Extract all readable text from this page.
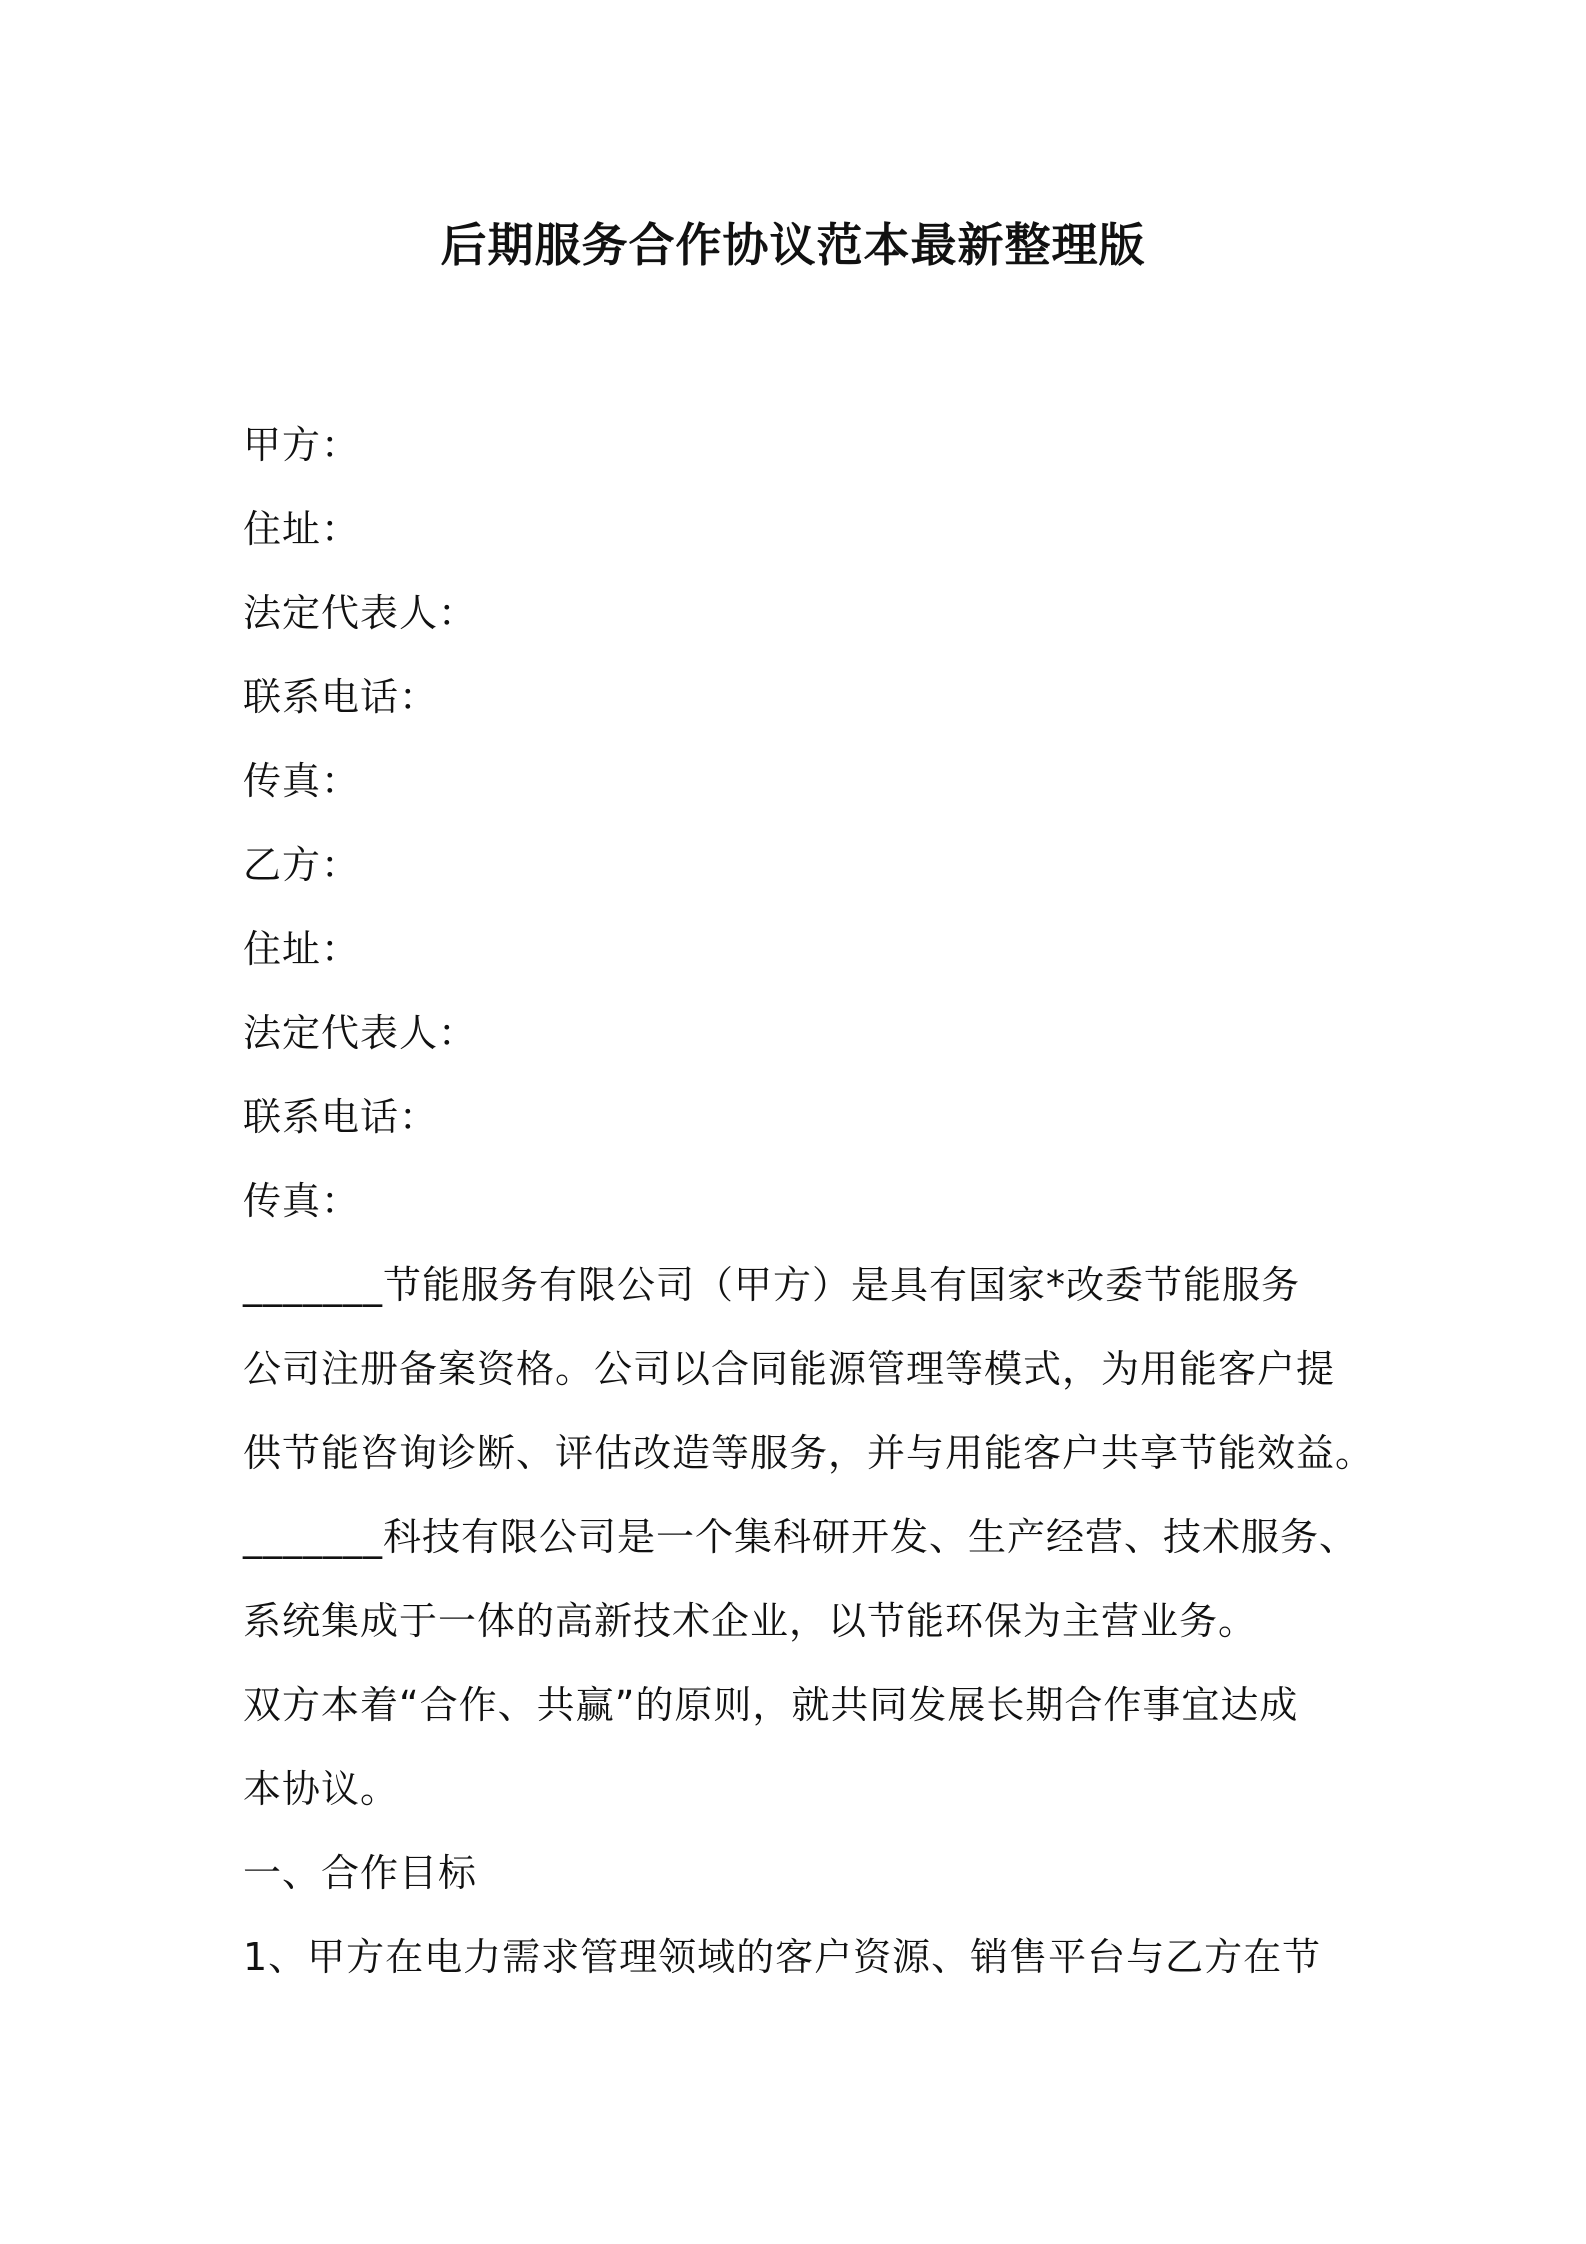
后期服务合作协议范本最新整理版
甲方：
住址：
法定代表人：
联系电话：
传真：
乙方：
住址：
法定代表人：
联系电话：
传真：
_______节能服务有限公司（甲方）是具有国家*改委节能服务
公司注册备案资格。公司以合同能源管理等模式，为用能客户提
供节能咨询诊断、评估改造等服务，并与用能客户共享节能效益。
_______科技有限公司是一个集科研开发、生产经营、技术服务、
系统集成于一体的高新技术企业，以节能环保为主营业务。
双方本着“合作、共赢”的原则，就共同发展长期合作事宜达成
本协议。
一、合作目标
1、甲方在电力需求管理领域的客户资源、销售平台与乙方在节
